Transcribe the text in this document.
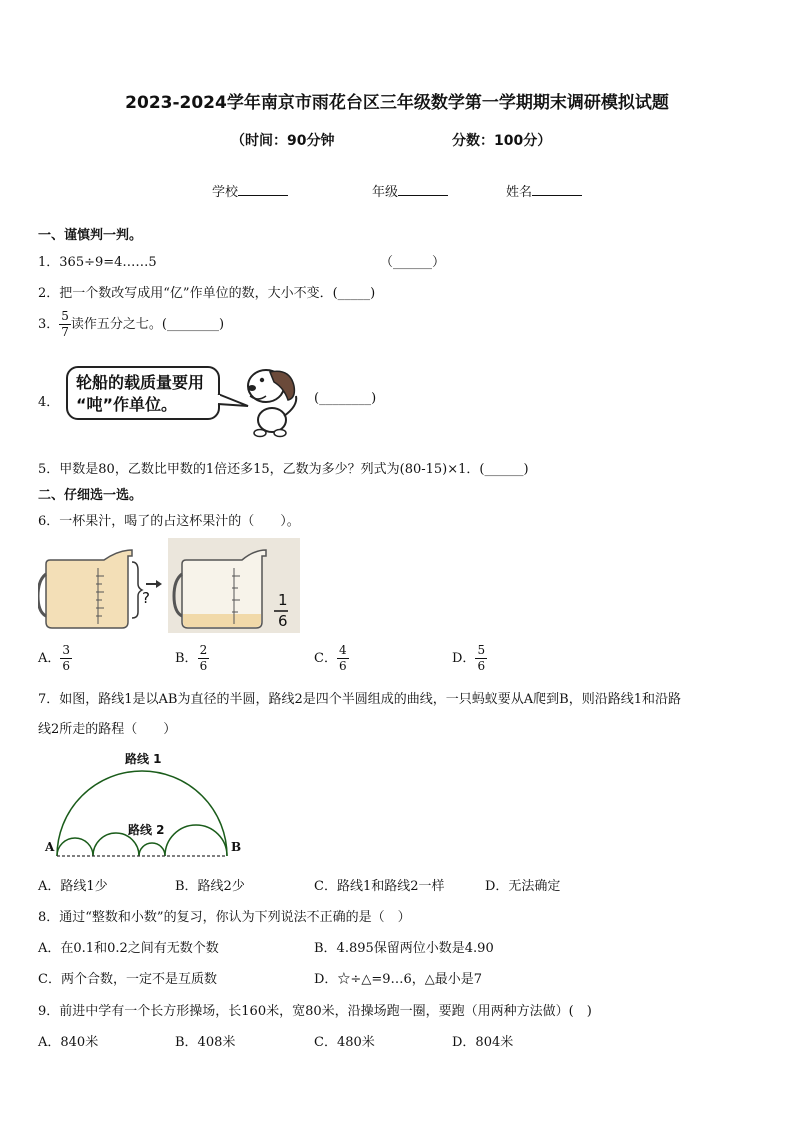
2023-2024学年南京市雨花台区三年级数学第一学期期末调研模拟试题
（时间：90分钟	分数：100分）
学校	年级	姓名
一、谨慎判一判。
1．365÷9=4……5	（______）
2．把一个数改写成用“亿”作单位的数，大小不变．(_____)
3． $\frac{5}{7}$ 读作五分之七。(________)
4．
轮船的载质量要用
“吨”作单位。	(________)
5．甲数是80，乙数比甲数的1倍还多15，乙数为多少？列式为(80-15)×1．(______)
二、仔细选一选。
6．一杯果汁，喝了的占这杯果汁的（　　）。
?	1
6
A． $\frac{3}{6}$	B． $\frac{2}{6}$	C． $\frac{4}{6}$	D． $\frac{5}{6}$
7．如图，路线1是以AB为直径的半圆，路线2是四个半圆组成的曲线，一只蚂蚁要从A爬到B，则沿路线1和沿路
线2所走的路程（　　）
路线 1
路线 2
A	B
A．路线1少	B．路线2少	C．路线1和路线2一样	D．无法确定
8．通过“整数和小数”的复习，你认为下列说法不正确的是（　）
A．在0.1和0.2之间有无数个数	B．4.895保留两位小数是4.90
C．两个合数，一定不是互质数	D．☆÷△=9…6，△最小是7
9．前进中学有一个长方形操场，长160米，宽80米，沿操场跑一圈，要跑（用两种方法做）(　)
A．840米	B．408米	C．480米	D．804米
